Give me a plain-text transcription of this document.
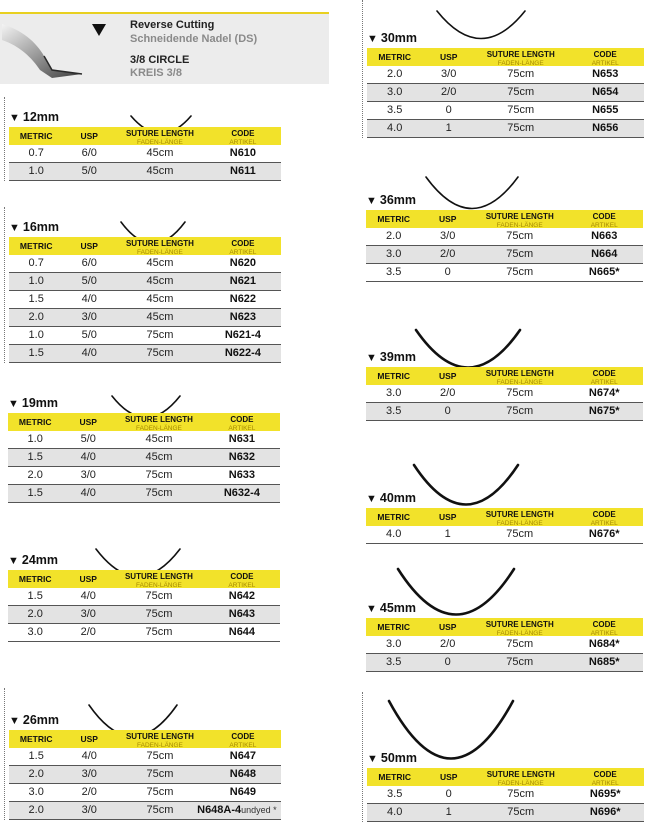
Reverse Cutting
Schneidende Nadel (DS)
3/8 CIRCLE
KREIS 3/8
▼ 12mm
METRIC	USP	SUTURE LENGTH
FADEN-LÄNGE
CODE
ARTIKEL
0.7	6/0	45cm	N610
1.0	5/0	45cm	N611
▼ 16mm
METRIC	USP	SUTURE LENGTH
FADEN-LÄNGE
CODE
ARTIKEL
0.7	6/0	45cm	N620
1.0	5/0	45cm	N621
1.5	4/0	45cm	N622
2.0	3/0	45cm	N623
1.0	5/0	75cm	N621-4
1.5	4/0	75cm	N622-4
▼ 19mm
METRIC	USP	SUTURE LENGTH
FADEN-LÄNGE
CODE
ARTIKEL
1.0	5/0	45cm	N631
1.5	4/0	45cm	N632
2.0	3/0	75cm	N633
1.5	4/0	75cm	N632-4
▼ 24mm
METRIC	USP	SUTURE LENGTH
FADEN-LÄNGE
CODE
ARTIKEL
1.5	4/0	75cm	N642
2.0	3/0	75cm	N643
3.0	2/0	75cm	N644
▼ 26mm
METRIC	USP	SUTURE LENGTH
FADEN-LÄNGE
CODE
ARTIKEL
1.5	4/0	75cm	N647
2.0	3/0	75cm	N648
3.0	2/0	75cm	N649
2.0	3/0	75cm	N648A-4undyed *
▼ 30mm
METRIC	USP	SUTURE LENGTH
FADEN-LÄNGE
CODE
ARTIKEL
2.0	3/0	75cm	N653
3.0	2/0	75cm	N654
3.5	0	75cm	N655
4.0	1	75cm	N656
▼ 36mm
METRIC	USP	SUTURE LENGTH
FADEN-LÄNGE
CODE
ARTIKEL
2.0	3/0	75cm	N663
3.0	2/0	75cm	N664
3.5	0	75cm	N665*
▼ 39mm
METRIC	USP	SUTURE LENGTH
FADEN-LÄNGE
CODE
ARTIKEL
3.0	2/0	75cm	N674*
3.5	0	75cm	N675*
▼ 40mm
METRIC	USP	SUTURE LENGTH
FADEN-LÄNGE
CODE
ARTIKEL
4.0	1	75cm	N676*
▼ 45mm
METRIC	USP	SUTURE LENGTH
FADEN-LÄNGE
CODE
ARTIKEL
3.0	2/0	75cm	N684*
3.5	0	75cm	N685*
▼ 50mm
METRIC	USP	SUTURE LENGTH
FADEN-LÄNGE
CODE
ARTIKEL
3.5	0	75cm	N695*
4.0	1	75cm	N696*
